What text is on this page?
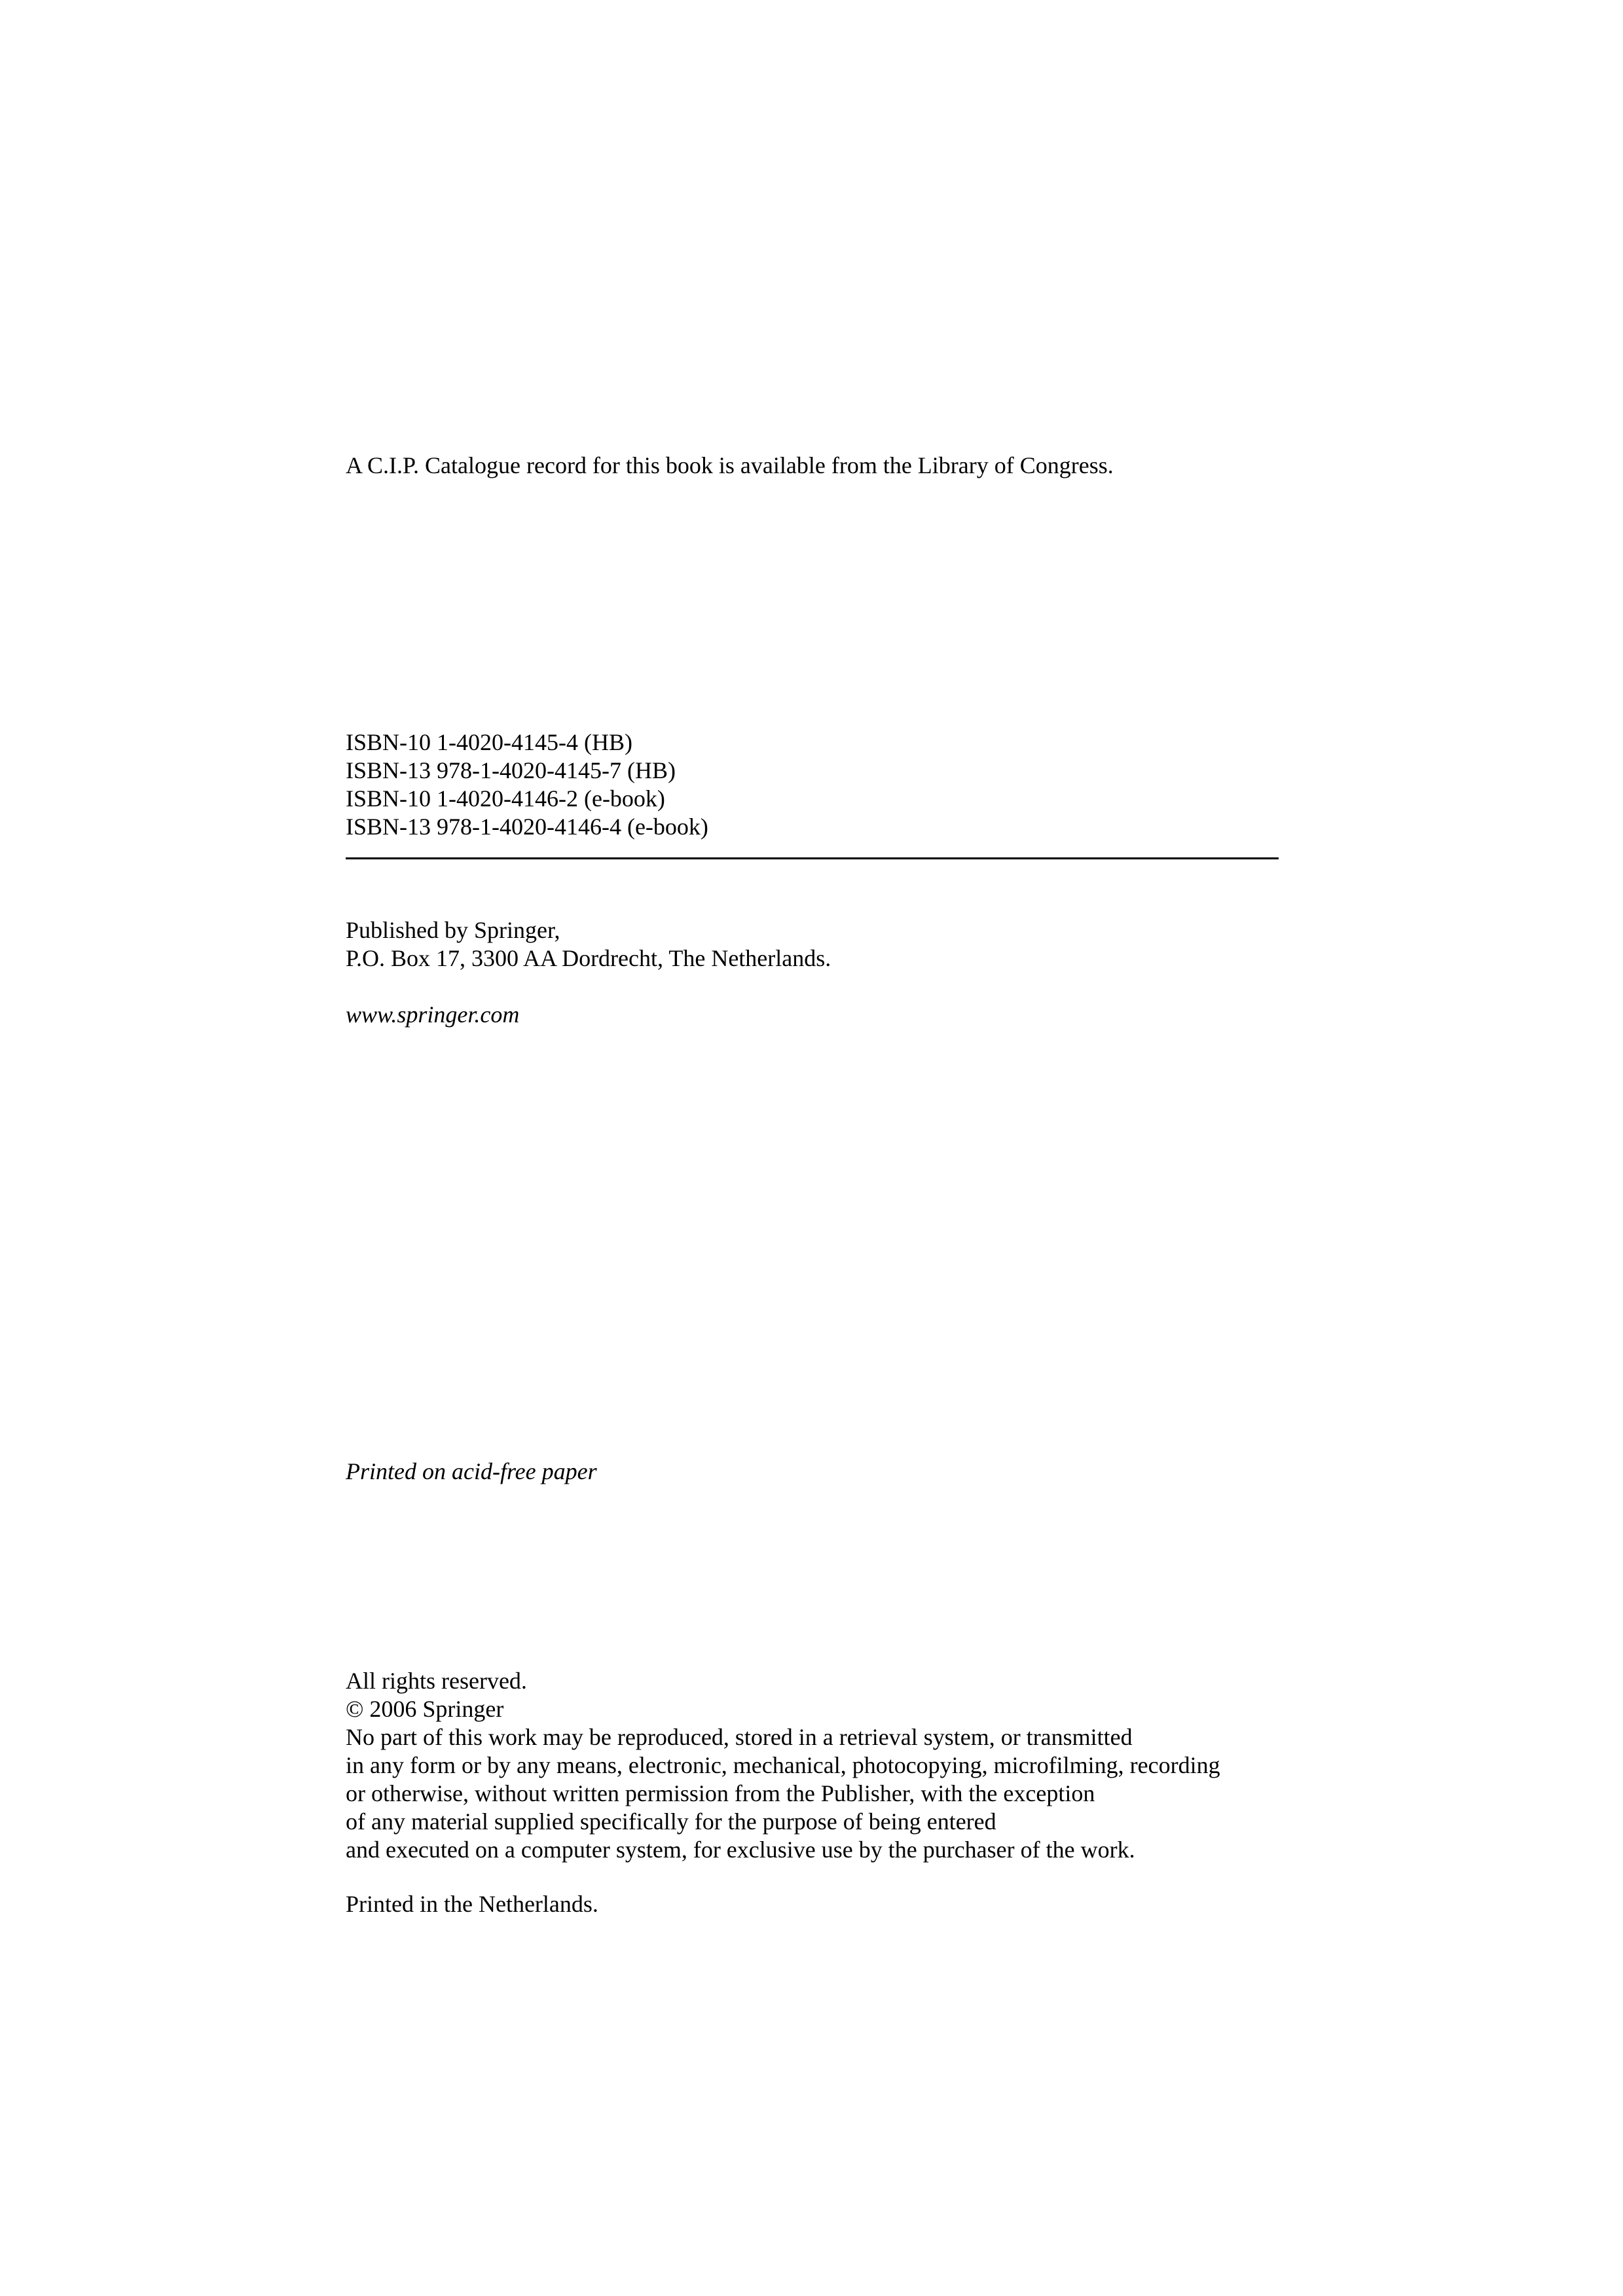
A C.I.P. Catalogue record for this book is available from the Library of Congress.
ISBN-10 1-4020-4145-4 (HB)
ISBN-13 978-1-4020-4145-7 (HB)
ISBN-10 1-4020-4146-2 (e-book)
ISBN-13 978-1-4020-4146-4 (e-book)
Published by Springer,
P.O. Box 17, 3300 AA Dordrecht, The Netherlands.
www.springer.com
Printed on acid-free paper
All rights reserved.
© 2006 Springer
No part of this work may be reproduced, stored in a retrieval system, or transmitted
in any form or by any means, electronic, mechanical, photocopying, microfilming, recording
or otherwise, without written permission from the Publisher, with the exception
of any material supplied specifically for the purpose of being entered
and executed on a computer system, for exclusive use by the purchaser of the work.
Printed in the Netherlands.
